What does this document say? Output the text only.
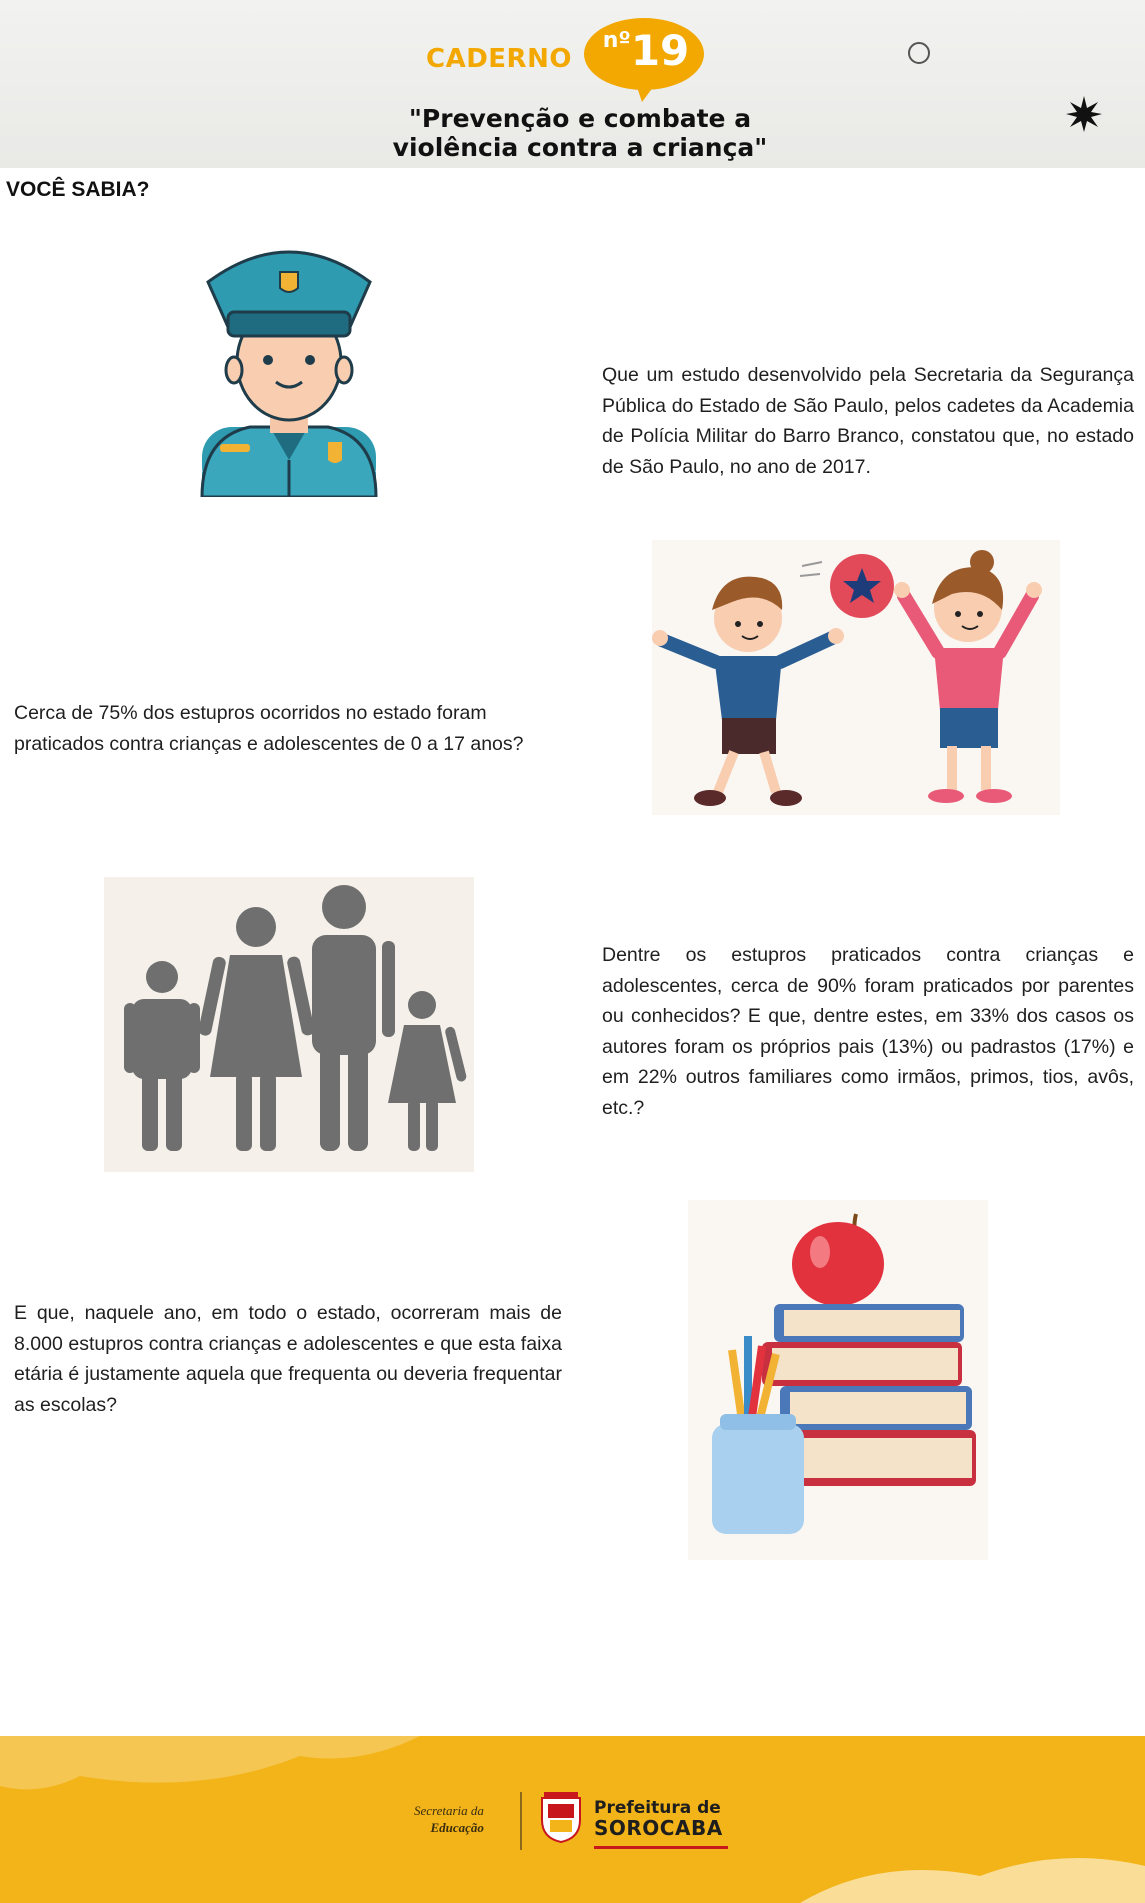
CADERNO
$^{nº}$19
"Prevenção e combate a
violência contra a criança"
VOCÊ SABIA?
Que um estudo desenvolvido pela Secretaria da Segurança Pública do Estado de São Paulo, pelos cadetes da Academia de Polícia Militar do Barro Branco, constatou que, no estado de São Paulo, no ano de 2017.
Cerca de 75% dos estupros ocorridos no estado foram praticados contra crianças e adolescentes de 0 a 17 anos?
Dentre os estupros praticados contra crianças e adolescentes, cerca de 90% foram praticados por parentes ou conhecidos? E que, dentre estes, em 33% dos casos os autores foram os próprios pais (13%) ou padrastos (17%) e em 22% outros familiares como irmãos, primos, tios, avôs, etc.?
E que, naquele ano, em todo o estado, ocorreram mais de 8.000 estupros contra crianças e adolescentes e que esta faixa etária é justamente aquela que frequenta ou deveria frequentar as escolas?
Secretaria da
Educação
Prefeitura de
SOROCABA
